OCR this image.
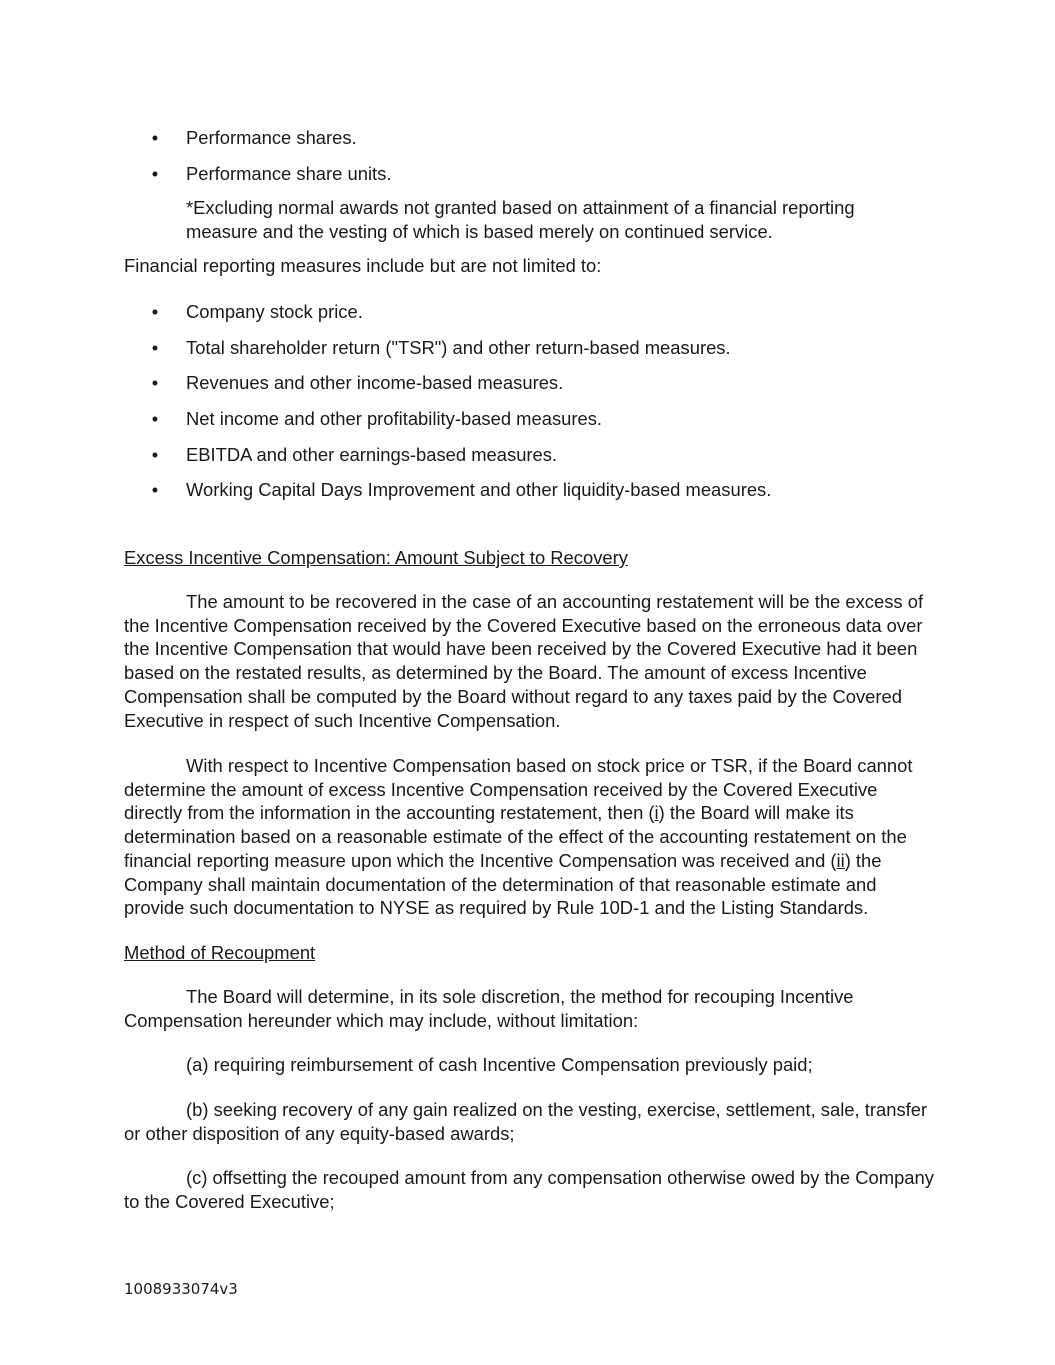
• Performance shares.
• Performance share units.
*Excluding normal awards not granted based on attainment of a financial reporting measure and the vesting of which is based merely on continued service.
Financial reporting measures include but are not limited to:
• Company stock price.
• Total shareholder return ("TSR") and other return-based measures.
• Revenues and other income-based measures.
• Net income and other profitability-based measures.
• EBITDA and other earnings-based measures.
• Working Capital Days Improvement and other liquidity-based measures.
Excess Incentive Compensation: Amount Subject to Recovery
The amount to be recovered in the case of an accounting restatement will be the excess of the Incentive Compensation received by the Covered Executive based on the erroneous data over the Incentive Compensation that would have been received by the Covered Executive had it been based on the restated results, as determined by the Board. The amount of excess Incentive Compensation shall be computed by the Board without regard to any taxes paid by the Covered Executive in respect of such Incentive Compensation.
With respect to Incentive Compensation based on stock price or TSR, if the Board cannot determine the amount of excess Incentive Compensation received by the Covered Executive directly from the information in the accounting restatement, then (i) the Board will make its determination based on a reasonable estimate of the effect of the accounting restatement on the financial reporting measure upon which the Incentive Compensation was received and (ii) the Company shall maintain documentation of the determination of that reasonable estimate and provide such documentation to NYSE as required by Rule 10D-1 and the Listing Standards.
Method of Recoupment
The Board will determine, in its sole discretion, the method for recouping Incentive Compensation hereunder which may include, without limitation:
(a) requiring reimbursement of cash Incentive Compensation previously paid;
(b) seeking recovery of any gain realized on the vesting, exercise, settlement, sale, transfer or other disposition of any equity-based awards;
(c) offsetting the recouped amount from any compensation otherwise owed by the Company to the Covered Executive;
1008933074v3
